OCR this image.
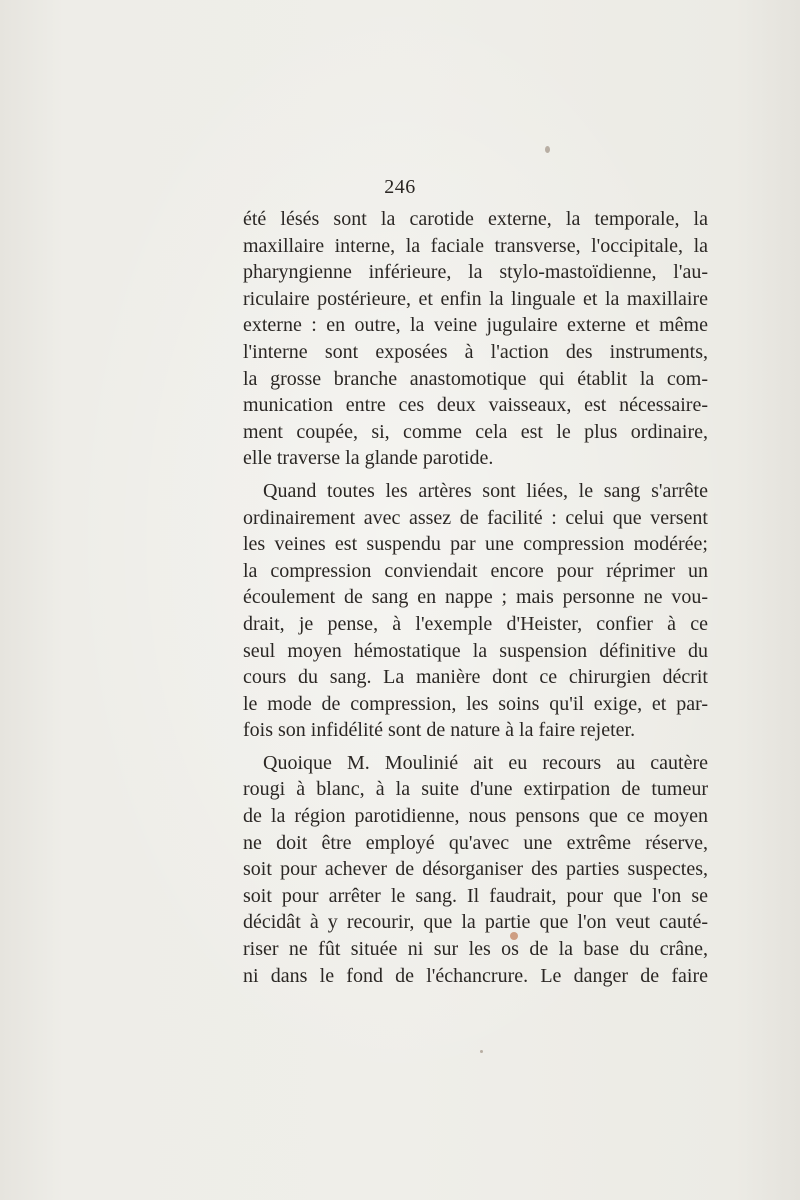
246
été lésés sont la carotide externe, la temporale, la
maxillaire interne, la faciale transverse, l'occipitale, la
pharyngienne inférieure, la stylo-mastoïdienne, l'au-
riculaire postérieure, et enfin la linguale et la maxillaire
externe : en outre, la veine jugulaire externe et même
l'interne sont exposées à l'action des instruments,
la grosse branche anastomotique qui établit la com-
munication entre ces deux vaisseaux, est nécessaire-
ment coupée, si, comme cela est le plus ordinaire,
elle traverse la glande parotide.
Quand toutes les artères sont liées, le sang s'arrête
ordinairement avec assez de facilité : celui que versent
les veines est suspendu par une compression modérée;
la compression conviendait encore pour réprimer un
écoulement de sang en nappe ; mais personne ne vou-
drait, je pense, à l'exemple d'Heister, confier à ce
seul moyen hémostatique la suspension définitive du
cours du sang. La manière dont ce chirurgien décrit
le mode de compression, les soins qu'il exige, et par-
fois son infidélité sont de nature à la faire rejeter.
Quoique M. Moulinié ait eu recours au cautère
rougi à blanc, à la suite d'une extirpation de tumeur
de la région parotidienne, nous pensons que ce moyen
ne doit être employé qu'avec une extrême réserve,
soit pour achever de désorganiser des parties suspectes,
soit pour arrêter le sang. Il faudrait, pour que l'on se
décidât à y recourir, que la partie que l'on veut cauté-
riser ne fût située ni sur les os de la base du crâne,
ni dans le fond de l'échancrure. Le danger de faire
